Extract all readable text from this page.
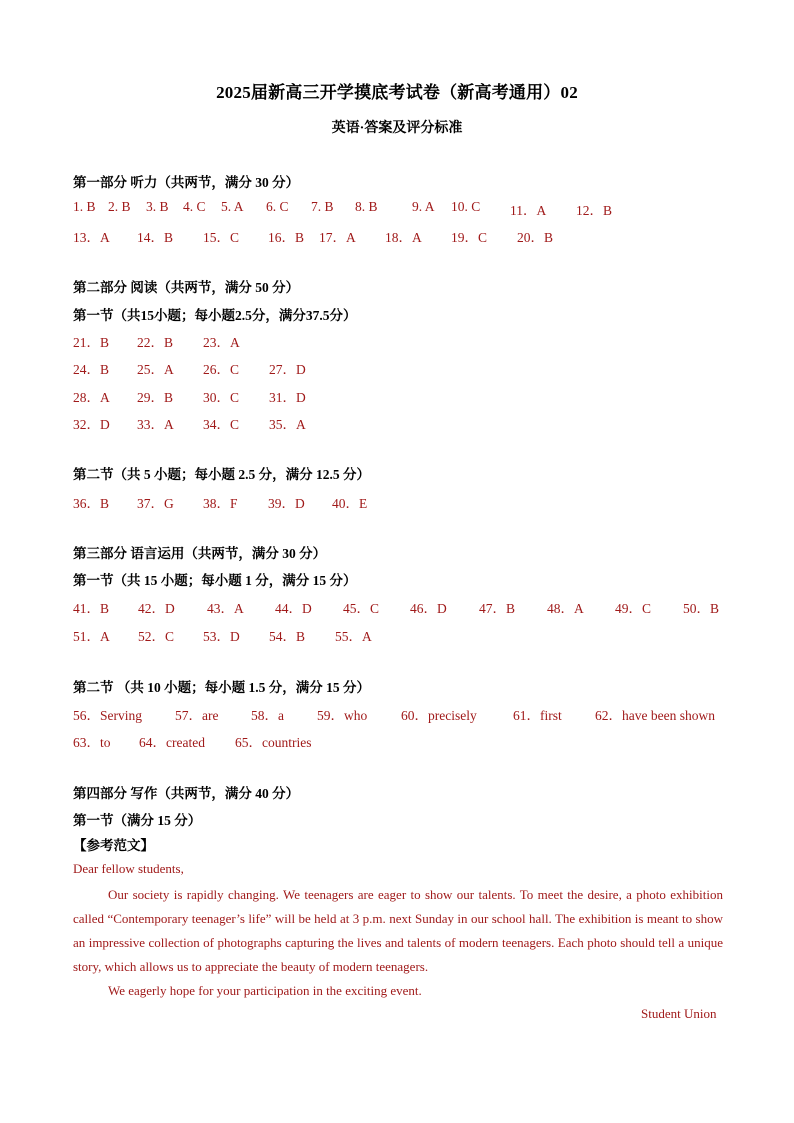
2025届新高三开学摸底考试卷（新高考通用）02
英语·答案及评分标准
第一部分 听力（共两节，满分 30 分）
1. B 2. B 3. B 4. C 5. A 6. C 7. B 8. B	9. A 10. C 11．A 12．B
13．A 14．B 15．C 16．B 17．A 18．A 19．C 20．B
第二部分 阅读（共两节，满分 50 分）
第一节（共15小题；每小题2.5分，满分37.5分）
21．B 22．B 23．A
24．B 25．A 26．C 27．D
28．A 29．B 30．C 31．D
32．D 33．A 34．C 35．A
第二节（共 5 小题；每小题 2.5 分，满分 12.5 分）
36．B 37．G 38．F 39．D 40．E
第三部分 语言运用（共两节，满分 30 分）
第一节（共 15 小题；每小题 1 分，满分 15 分）
41．B 42．D 43．A 44．D 45．C 46．D 47．B 48．A 49．C 50．B
51．A 52．C 53．D 54．B 55．A
第二节 （共 10 小题；每小题 1.5 分，满分 15 分）
56．Serving 57．are 58．a 59．who	60．precisely	61．first 62．have been shown
63．to 64．created 65．countries
第四部分 写作（共两节，满分 40 分）
第一节（满分 15 分）
【参考范文】
Dear fellow students,

Our society is rapidly changing. We teenagers are eager to show our talents. To meet the desire, a photo exhibition called “Contemporary teenager’s life” will be held at 3 p.m. next Sunday in our school hall. The exhibition is meant to show an impressive collection of photographs capturing the lives and talents of modern teenagers. Each photo should tell a unique story, which allows us to appreciate the beauty of modern teenagers.

We eagerly hope for your participation in the exciting event.

Student Union
